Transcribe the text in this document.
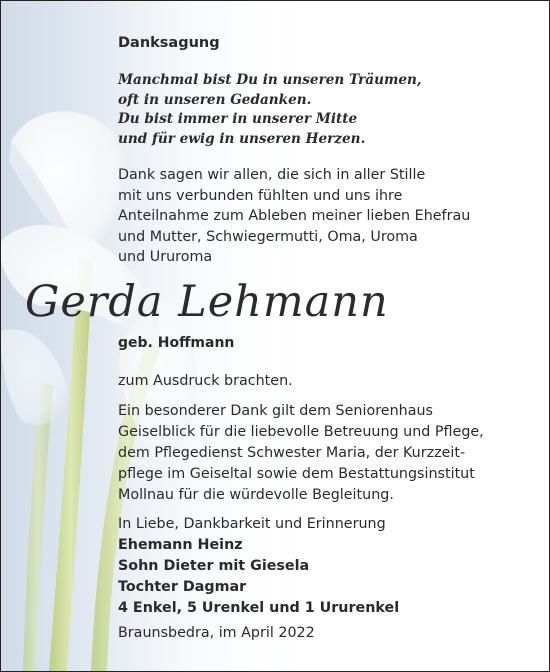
Danksagung
Manchmal bist Du in unseren Träumen,
oft in unseren Gedanken.
Du bist immer in unserer Mitte
und für ewig in unseren Herzen.
Dank sagen wir allen, die sich in aller Stille
mit uns verbunden fühlten und uns ihre
Anteilnahme zum Ableben meiner lieben Ehefrau
und Mutter, Schwiegermutti, Oma, Uroma
und Ururoma
Gerda Lehmann
geb. Hoffmann
zum Ausdruck brachten.
Ein besonderer Dank gilt dem Seniorenhaus
Geiselblick für die liebevolle Betreuung und Pflege,
dem Pflegedienst Schwester Maria, der Kurzzeit-
pflege im Geiseltal sowie dem Bestattungsinstitut
Mollnau für die würdevolle Begleitung.
In Liebe, Dankbarkeit und Erinnerung
Ehemann Heinz
Sohn Dieter mit Giesela
Tochter Dagmar
4 Enkel, 5 Urenkel und 1 Ururenkel
Braunsbedra, im April 2022
